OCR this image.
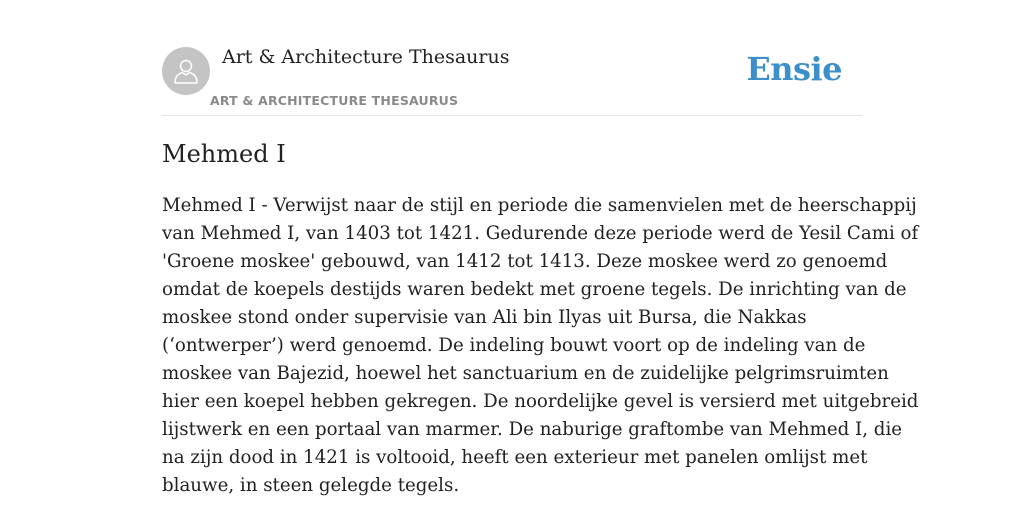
Art & Architecture Thesaurus
ART & ARCHITECTURE THESAURUS
Ensie
Mehmed I

Mehmed I - Verwijst naar de stijl en periode die samenvielen met de heerschappij
van Mehmed I, van 1403 tot 1421. Gedurende deze periode werd de Yesil Cami of
'Groene moskee' gebouwd, van 1412 tot 1413. Deze moskee werd zo genoemd
omdat de koepels destijds waren bedekt met groene tegels. De inrichting van de
moskee stond onder supervisie van Ali bin Ilyas uit Bursa, die Nakkas
(‘ontwerper’) werd genoemd. De indeling bouwt voort op de indeling van de
moskee van Bajezid, hoewel het sanctuarium en de zuidelijke pelgrimsruimten
hier een koepel hebben gekregen. De noordelijke gevel is versierd met uitgebreid
lijstwerk en een portaal van marmer. De naburige graftombe van Mehmed I, die
na zijn dood in 1421 is voltooid, heeft een exterieur met panelen omlijst met
blauwe, in steen gelegde tegels.
